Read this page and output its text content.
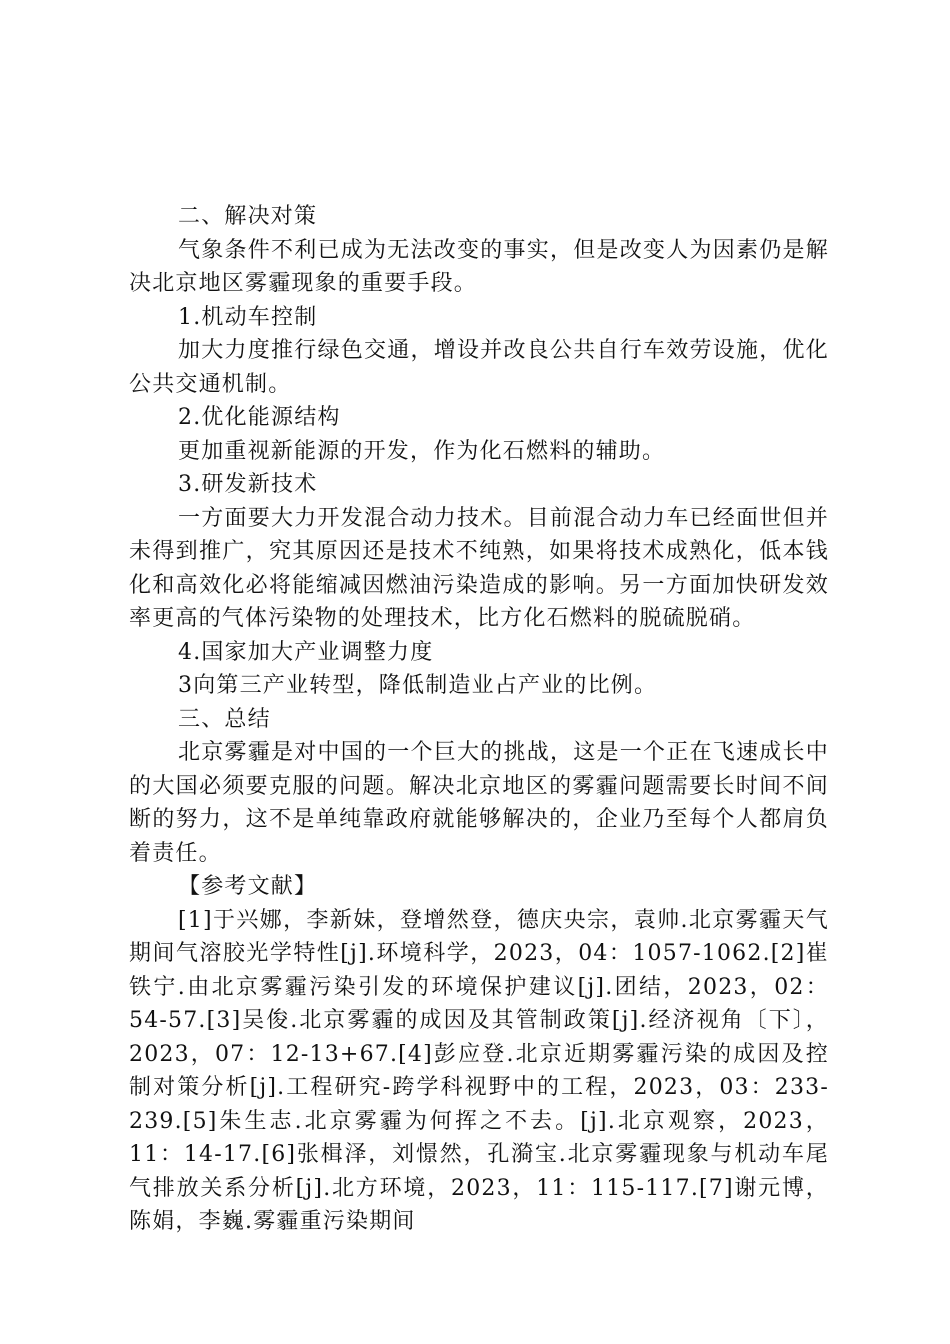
二、解决对策

气象条件不利已成为无法改变的事实，但是改变人为因素仍是解决北京地区雾霾现象的重要手段。

1.机动车控制

加大力度推行绿色交通，增设并改良公共自行车效劳设施，优化公共交通机制。

2.优化能源结构

更加重视新能源的开发，作为化石燃料的辅助。

3.研发新技术

一方面要大力开发混合动力技术。目前混合动力车已经面世但并未得到推广，究其原因还是技术不纯熟，如果将技术成熟化，低本钱化和高效化必将能缩减因燃油污染造成的影响。另一方面加快研发效率更高的气体污染物的处理技术，比方化石燃料的脱硫脱硝。

4.国家加大产业调整力度

3向第三产业转型，降低制造业占产业的比例。

三、总结

北京雾霾是对中国的一个巨大的挑战，这是一个正在飞速成长中的大国必须要克服的问题。解决北京地区的雾霾问题需要长时间不间断的努力，这不是单纯靠政府就能够解决的，企业乃至每个人都肩负着责任。

【参考文献】

[1]于兴娜，李新妹，登增然登，德庆央宗，袁帅.北京雾霾天气期间气溶胶光学特性[j].环境科学，2023，04：1057-1062.[2]崔铁宁.由北京雾霾污染引发的环境保护建议[j].团结，2023，02：54-57.[3]吴俊.北京雾霾的成因及其管制政策[j].经济视角〔下〕，2023，07：12-13+67.[4]彭应登.北京近期雾霾污染的成因及控制对策分析[j].工程研究-跨学科视野中的工程，2023，03：233-239.[5]朱生志.北京雾霾为何挥之不去。[j].北京观察，2023，11：14-17.[6]张楫泽，刘憬然，孔漪宝.北京雾霾现象与机动车尾气排放关系分析[j].北方环境，2023，11：115-117.[7]谢元博，陈娟，李巍.雾霾重污染期间
